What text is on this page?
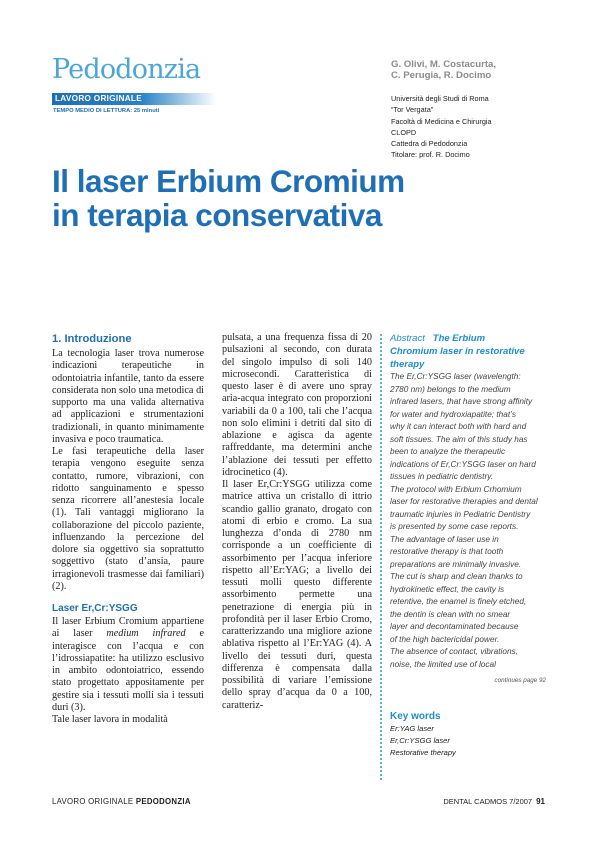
Pedodonzia
LAVORO ORIGINALE
TEMPO MEDIO DI LETTURA: 25 minuti
G. Olivi, M. Costacurta,
C. Perugia, R. Docimo
Università degli Studi di Roma
“Tor Vergata”
Facoltà di Medicina e Chirurgia
CLOPD
Cattedra di Pedodonzia
Titolare: prof. R. Docimo
Il laser Erbium Cromium
in terapia conservativa
1. Introduzione

La tecnologia laser trova numerose indicazioni terapeutiche in odontoiatria infantile, tanto da essere considerata non solo una metodica di supporto ma una valida alternativa ad applicazioni e strumentazioni tradizionali, in quanto minimamente invasiva e poco traumatica.

Le fasi terapeutiche della laser terapia vengono eseguite senza contatto, rumore, vibrazioni, con ridotto sanguinamento e spesso senza ricorrere all’anestesia locale (1). Tali vantaggi migliorano la collaborazione del piccolo paziente, influenzando la percezione del dolore sia oggettivo sia soprattutto soggettivo (stato d’ansia, paure irragionevoli trasmesse dai familiari) (2).

Laser Er,Cr:YSGG

Il laser Erbium Cromium appartiene ai laser medium infrared e interagisce con l’acqua e con l’idrossiapatite: ha utilizzo esclusivo in ambito odontoiatrico, essendo stato progettato appositamente per gestire sia i tessuti molli sia i tessuti duri (3).

Tale laser lavora in modalità

pulsata, a una frequenza fissa di 20 pulsazioni al secondo, con durata del singolo impulso di soli 140 microsecondi. Caratteristica di questo laser è di avere uno spray aria-acqua integrato con proporzioni variabili da 0 a 100, tali che l’acqua non solo elimini i detriti dal sito di ablazione e agisca da agente raffreddante, ma determini anche l’ablazione dei tessuti per effetto idrocinetico (4).

Il laser Er,Cr:YSGG utilizza come matrice attiva un cristallo di ittrio scandio gallio granato, drogato con atomi di erbio e cromo. La sua lunghezza d’onda di 2780 nm corrisponde a un coefficiente di assorbimento per l’acqua inferiore rispetto all’Er:YAG; a livello dei tessuti molli questo differente assorbimento permette una penetrazione di energia più in profondità per il laser Erbio Cromo, caratterizzando una migliore azione ablativa rispetto al l’Er:YAG (4). A livello dei tessuti duri, questa differenza è compensata dalla possibilità di variare l’emissione dello spray d’acqua da 0 a 100, caratteriz-

Abstract The Erbium
Chromium laser in restorative
therapy
The Er,Cr:YSGG laser (wavelength:
2780 nm) belongs to the medium
infrared lasers, that have strong affinity
for water and hydroxiapatite; that’s
why it can interact both with hard and
soft tissues. The aim of this study has
been to analyze the therapeutic
indications of Er,Cr:YSGG laser on hard
tissues in pediatric dentistry.
The protocol with Erbium Crhomium
laser for restorative therapies and dental
traumatic injuries in Pediatric Dentistry
is presented by some case reports.
The advantage of laser use in
restorative therapy is that tooth
preparations are minimally invasive.
The cut is sharp and clean thanks to
hydrokinetic effect, the cavity is
retentive, the enamel is finely etched,
the dentin is clean with no smear
layer and decontaminated because
of the high bactericidal power.
The absence of contact, vibrations,
noise, the limited use of local
continues page 92
Key words
Er:YAG laser
Er,Cr:YSGG laser
Restorative therapy
LAVORO ORIGINALE PEDODONZIA	DENTAL CADMOS 7/2007 91
